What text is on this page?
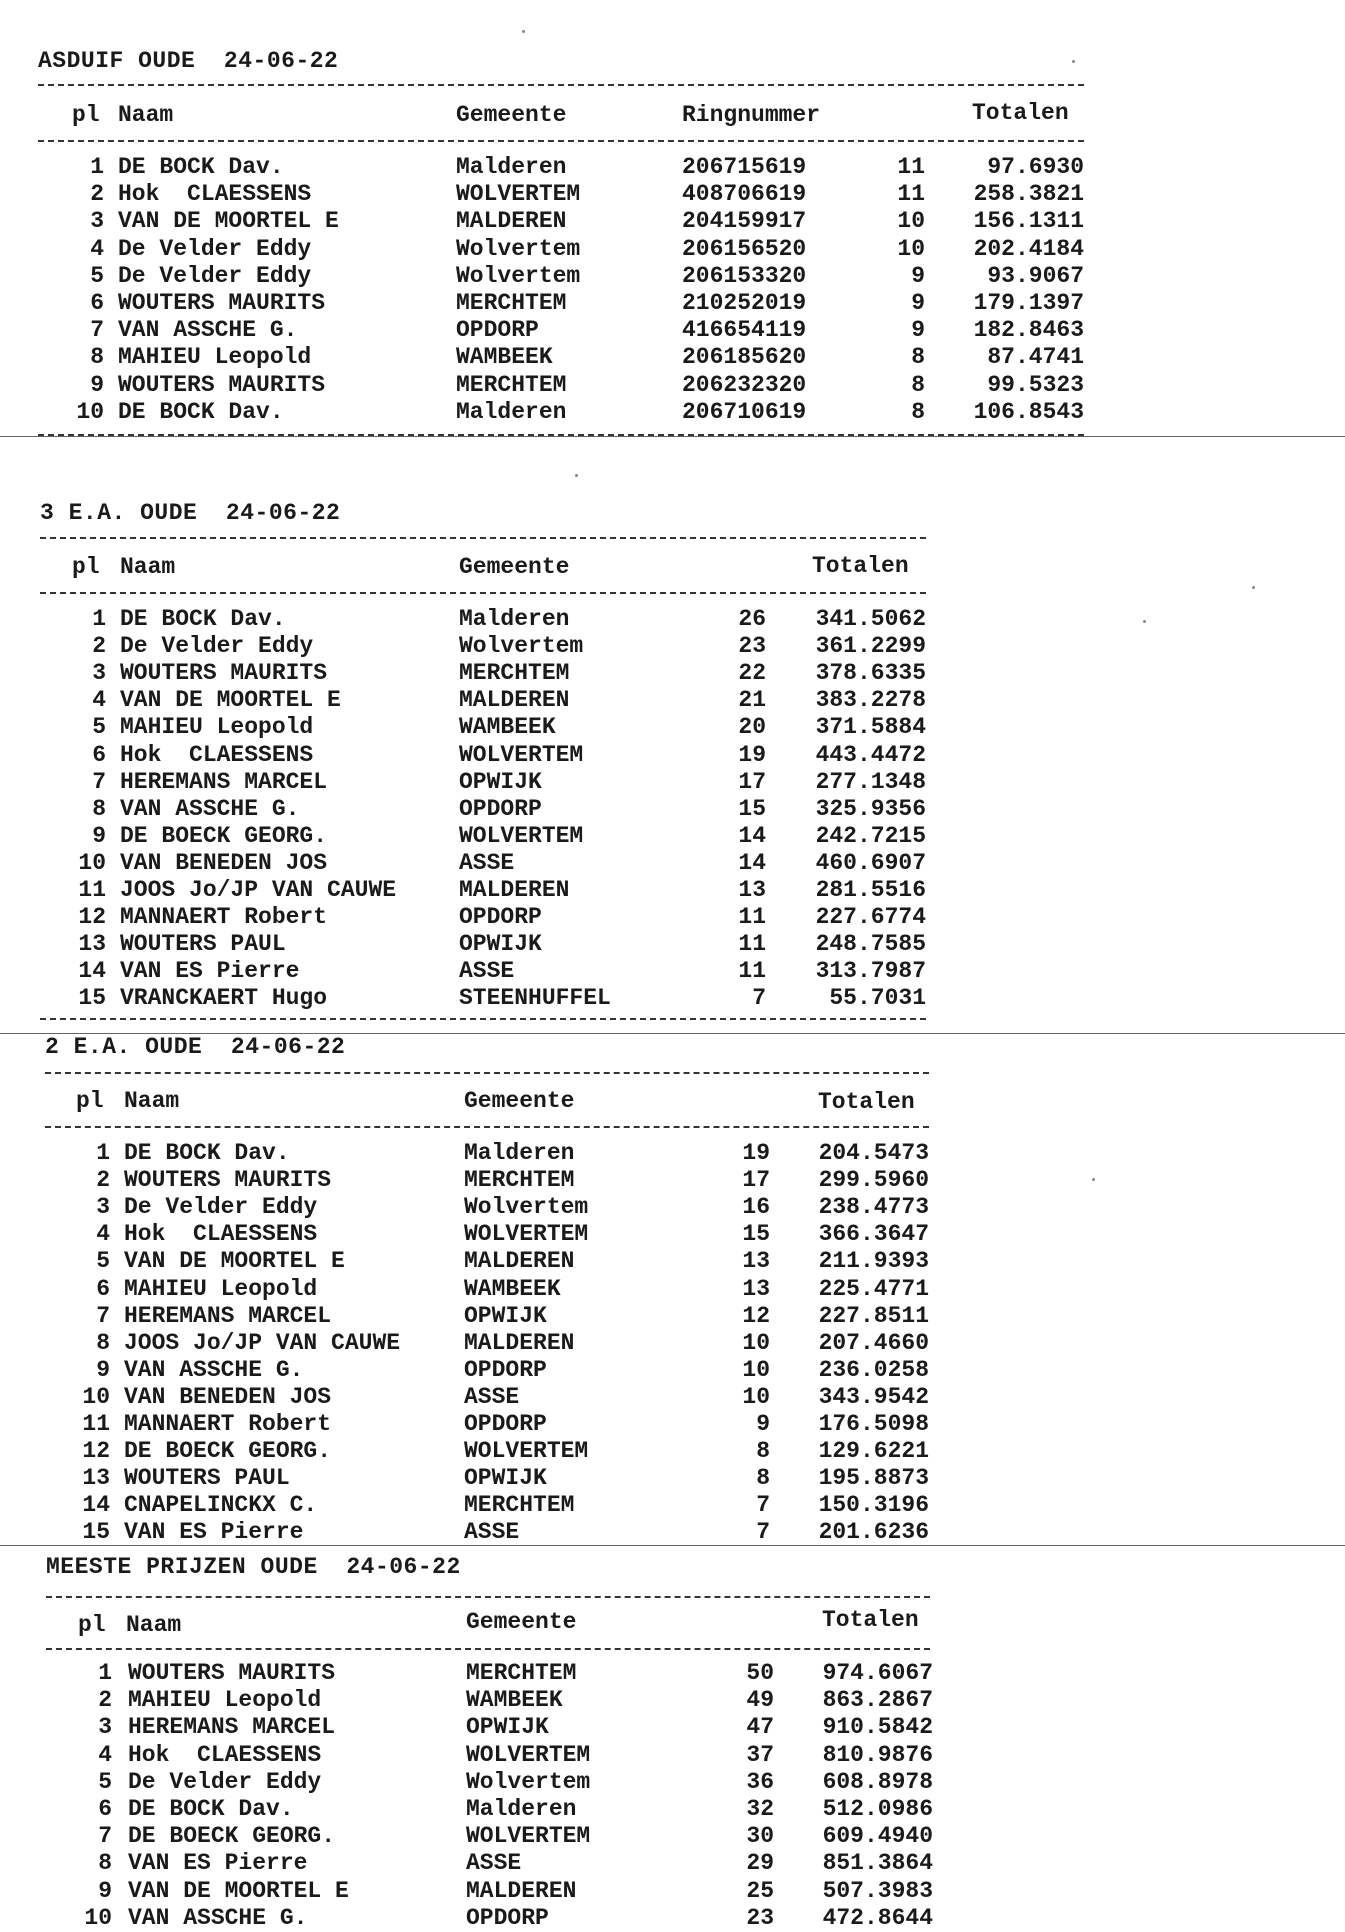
ASDUIF OUDE  24-06-22
pl Naam	Gemeente	Ringnummer	Totalen
1 DE BOCK Dav.	Malderen	206715619	11	97.6930
2 Hok  CLAESSENS	WOLVERTEM	408706619	11 258.3821
3 VAN DE MOORTEL E	MALDEREN	204159917	10 156.1311
4 De Velder Eddy	Wolvertem	206156520	10 202.4184
5 De Velder Eddy	Wolvertem	206153320	9	93.9067
6 WOUTERS MAURITS	MERCHTEM	210252019	9 179.1397
7 VAN ASSCHE G.	OPDORP	416654119	9 182.8463
8 MAHIEU Leopold	WAMBEEK	206185620	8	87.4741
9 WOUTERS MAURITS	MERCHTEM	206232320	8	99.5323
10 DE BOCK Dav.	Malderen	206710619	8 106.8543
3 E.A. OUDE  24-06-22
pl Naam	Gemeente	Totalen
1 DE BOCK Dav.	Malderen	26 341.5062
2 De Velder Eddy	Wolvertem	23 361.2299
3 WOUTERS MAURITS	MERCHTEM	22 378.6335
4 VAN DE MOORTEL E	MALDEREN	21 383.2278
5 MAHIEU Leopold	WAMBEEK	20 371.5884
6 Hok  CLAESSENS	WOLVERTEM	19 443.4472
7 HEREMANS MARCEL	OPWIJK	17 277.1348
8 VAN ASSCHE G.	OPDORP	15 325.9356
9 DE BOECK GEORG.	WOLVERTEM	14 242.7215
10 VAN BENEDEN JOS	ASSE	14 460.6907
11 JOOS Jo/JP VAN CAUWE	MALDEREN	13 281.5516
12 MANNAERT Robert	OPDORP	11 227.6774
13 WOUTERS PAUL	OPWIJK	11 248.7585
14 VAN ES Pierre	ASSE	11 313.7987
15 VRANCKAERT Hugo	STEENHUFFEL	7	55.7031
2 E.A. OUDE  24-06-22
pl Naam	Gemeente	Totalen
1 DE BOCK Dav.	Malderen	19 204.5473
2 WOUTERS MAURITS	MERCHTEM	17 299.5960
3 De Velder Eddy	Wolvertem	16 238.4773
4 Hok  CLAESSENS	WOLVERTEM	15 366.3647
5 VAN DE MOORTEL E	MALDEREN	13 211.9393
6 MAHIEU Leopold	WAMBEEK	13 225.4771
7 HEREMANS MARCEL	OPWIJK	12 227.8511
8 JOOS Jo/JP VAN CAUWE	MALDEREN	10 207.4660
9 VAN ASSCHE G.	OPDORP	10 236.0258
10 VAN BENEDEN JOS	ASSE	10 343.9542
11 MANNAERT Robert	OPDORP	9 176.5098
12 DE BOECK GEORG.	WOLVERTEM	8 129.6221
13 WOUTERS PAUL	OPWIJK	8 195.8873
14 CNAPELINCKX C.	MERCHTEM	7 150.3196
15 VAN ES Pierre	ASSE	7 201.6236
MEESTE PRIJZEN OUDE  24-06-22
pl Naam	Gemeente	Totalen
1 WOUTERS MAURITS	MERCHTEM	50 974.6067
2 MAHIEU Leopold	WAMBEEK	49 863.2867
3 HEREMANS MARCEL	OPWIJK	47 910.5842
4 Hok  CLAESSENS	WOLVERTEM	37 810.9876
5 De Velder Eddy	Wolvertem	36 608.8978
6 DE BOCK Dav.	Malderen	32 512.0986
7 DE BOECK GEORG.	WOLVERTEM	30 609.4940
8 VAN ES Pierre	ASSE	29 851.3864
9 VAN DE MOORTEL E	MALDEREN	25 507.3983
10 VAN ASSCHE G.	OPDORP	23 472.8644
